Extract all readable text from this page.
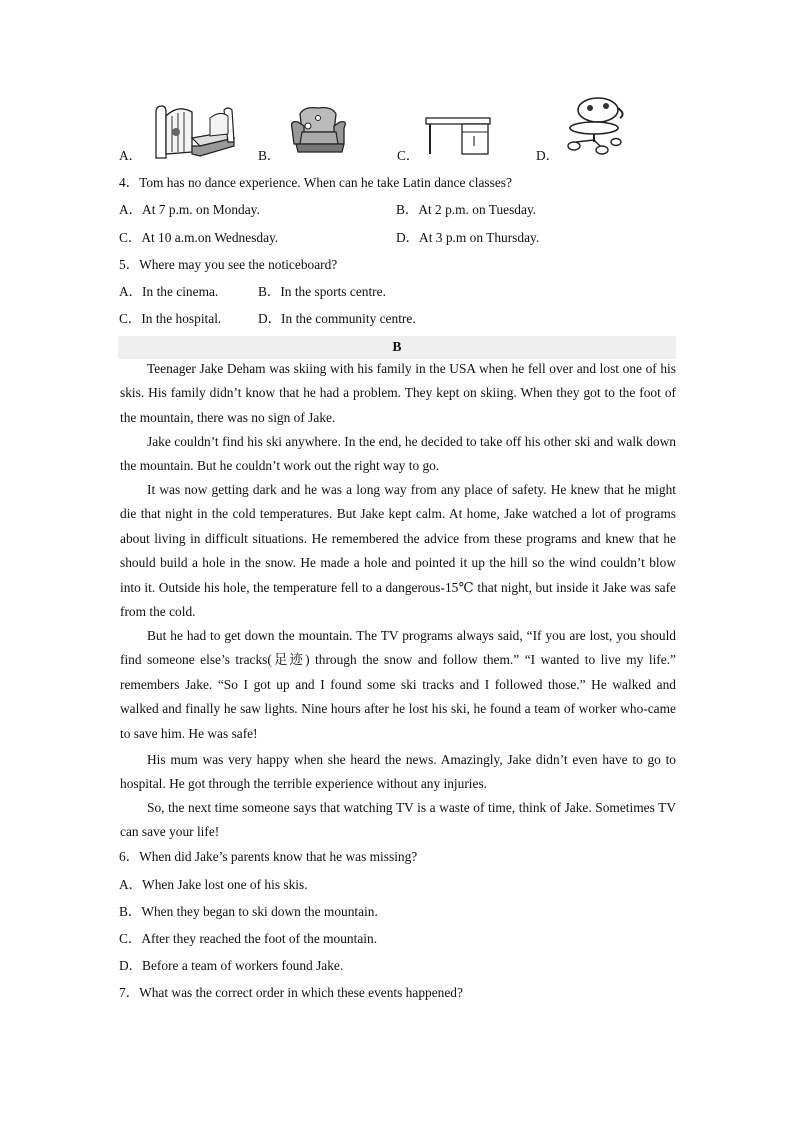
A．	B．	C．	D．
4．Tom has no dance experience. When can he take Latin dance classes?
A．At 7 p.m. on Monday.	B．At 2 p.m. on Tuesday.
C．At 10 a.m.on Wednesday.	D．At 3 p.m on Thursday.
5．Where may you see the noticeboard?
A．In the cinema.	B．In the sports centre.
C．In the hospital.	D．In the community centre.
B
Teenager Jake Deham was skiing with his family in the USA when he fell over and lost one of his skis. His family didn’t know that he had a problem. They kept on skiing. When they got to the foot of the mountain, there was no sign of Jake.
Jake couldn’t find his ski anywhere. In the end, he decided to take off his other ski and walk down the mountain. But he couldn’t work out the right way to go.
It was now getting dark and he was a long way from any place of safety. He knew that he might die that night in the cold temperatures. But Jake kept calm. At home, Jake watched a lot of programs about living in difficult situations. He remembered the advice from these programs and knew that he should build a hole in the snow. He made a hole and pointed it up the hill so the wind couldn’t blow into it. Outside his hole, the temperature fell to a dangerous-15℃ that night, but inside it Jake was safe from the cold.
But he had to get down the mountain. The TV programs always said, “If you are lost, you should find someone else’s tracks(足迹) through the snow and follow them.” “I wanted to live my life.” remembers Jake. “So I got up and I found some ski tracks and I followed those.” He walked and walked and finally he saw lights. Nine hours after he lost his ski, he found a team of worker who-came to save him. He was safe!
His mum was very happy when she heard the news. Amazingly, Jake didn’t even have to go to hospital. He got through the terrible experience without any injuries.
So, the next time someone says that watching TV is a waste of time, think of Jake. Sometimes TV can save your life!
6．When did Jake’s parents know that he was missing?
A．When Jake lost one of his skis.
B．When they began to ski down the mountain.
C．After they reached the foot of the mountain.
D．Before a team of workers found Jake.
7．What was the correct order in which these events happened?
